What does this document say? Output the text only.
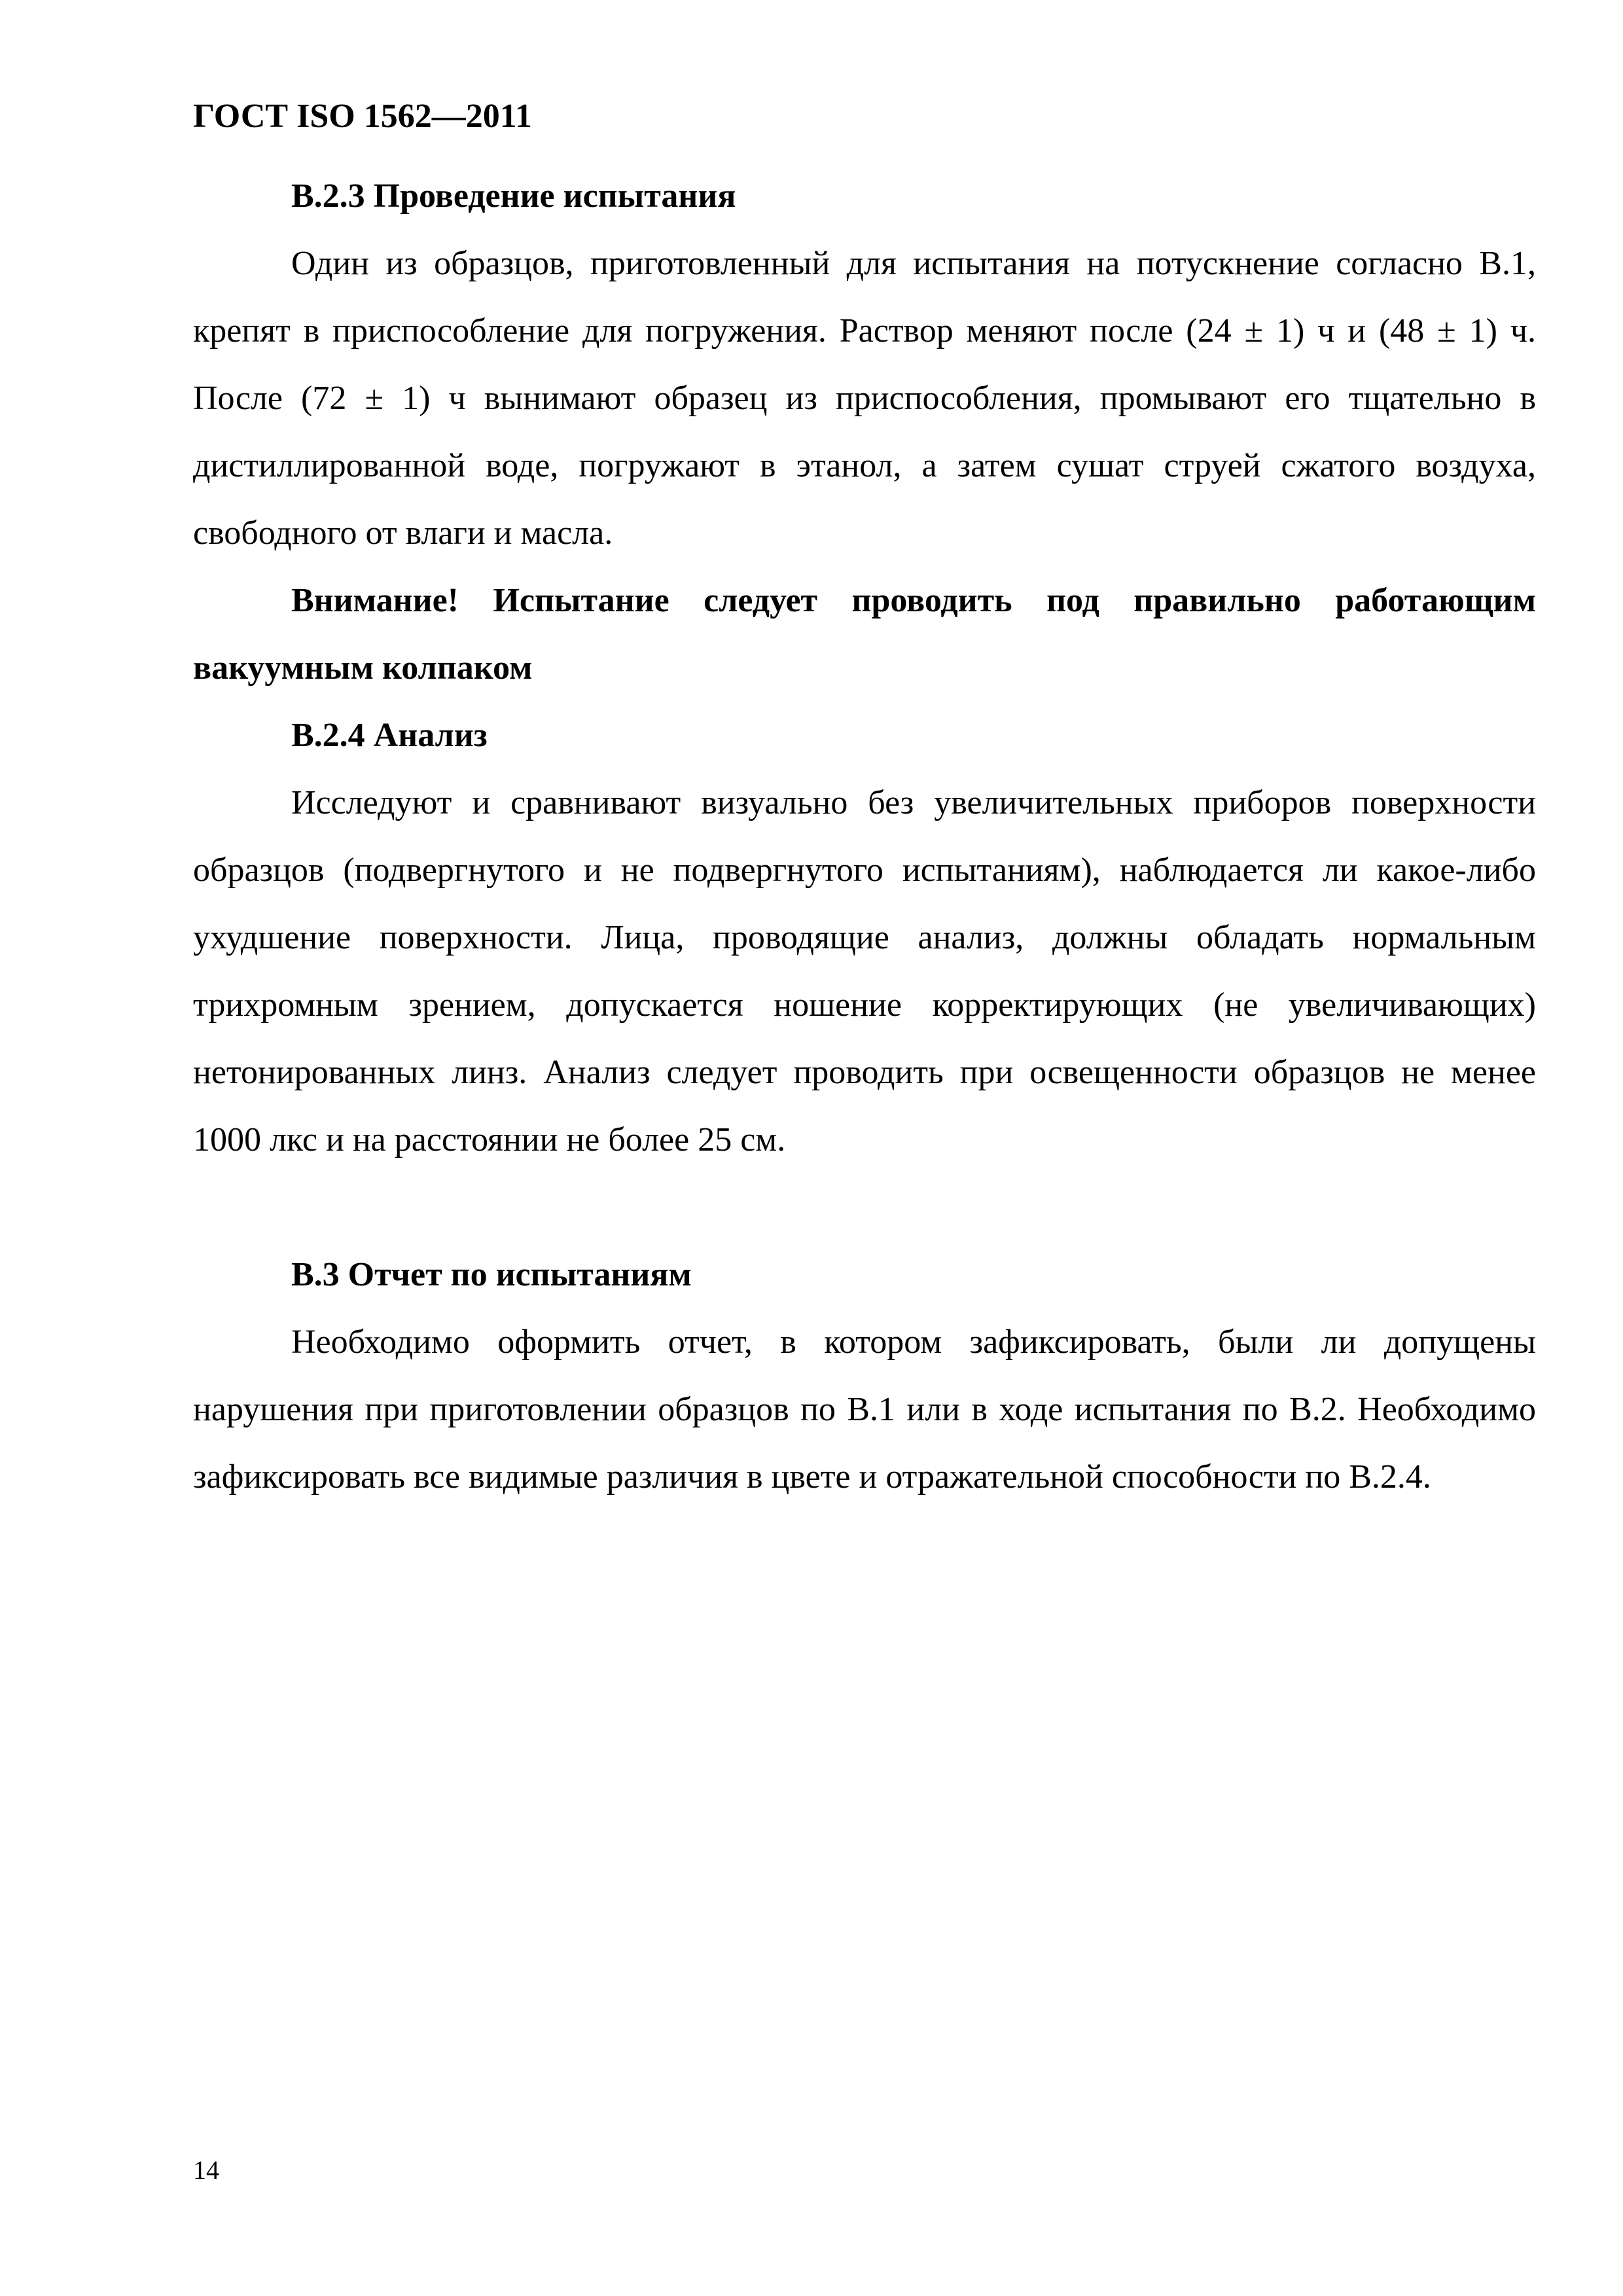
ГОСТ ISO 1562—2011
B.2.3 Проведение испытания
Один из образцов, приготовленный для испытания на потускнение согласно B.1, крепят в приспособление для погружения. Раствор меняют после (24 ± 1) ч и (48 ± 1) ч. После (72 ± 1) ч вынимают образец из приспособления, промывают его тщательно в дистиллированной воде, погружают в этанол, а затем сушат струей сжатого воздуха, свободного от влаги и масла.
Внимание! Испытание следует проводить под правильно работающим вакуумным колпаком
B.2.4 Анализ
Исследуют и сравнивают визуально без увеличительных приборов поверхности образцов (подвергнутого и не подвергнутого испытаниям), наблюдается ли какое-либо ухудшение поверхности. Лица, проводящие анализ, должны обладать нормальным трихромным зрением, допускается ношение корректирующих (не увеличивающих) нетонированных линз. Анализ следует проводить при освещенности образцов не менее 1000 лкс и на расстоянии не более 25 см.
B.3 Отчет по испытаниям
Необходимо оформить отчет, в котором зафиксировать, были ли допущены нарушения при приготовлении образцов по B.1 или в ходе испытания по B.2. Необходимо зафиксировать все видимые различия в цвете и отражательной способности по B.2.4.
14
